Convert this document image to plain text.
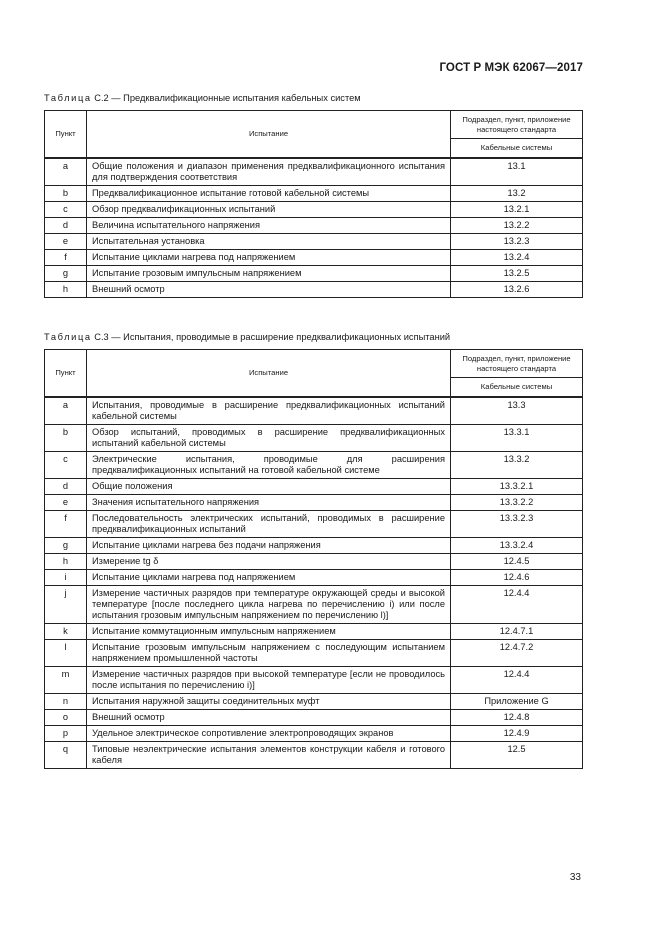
ГОСТ Р МЭК 62067—2017
Таблица С.2 — Предквалификационные испытания кабельных систем
Пункт	Испытание	Подраздел, пункт, приложение настоящего стандарта
		Кабельные системы
a	Общие положения и диапазон применения предквалификационного испытания для подтверждения соответствия	13.1
b	Предквалификационное испытание готовой кабельной системы	13.2
c	Обзор предквалификационных испытаний	13.2.1
d	Величина испытательного напряжения	13.2.2
e	Испытательная установка	13.2.3
f	Испытание циклами нагрева под напряжением	13.2.4
g	Испытание грозовым импульсным напряжением	13.2.5
h	Внешний осмотр	13.2.6
Таблица С.3 — Испытания, проводимые в расширение предквалификационных испытаний
Пункт	Испытание	Подраздел, пункт, приложение настоящего стандарта
		Кабельные системы
a	Испытания, проводимые в расширение предквалификационных испытаний кабельной системы	13.3
b	Обзор испытаний, проводимых в расширение предквалификационных испытаний кабельной системы	13.3.1
c	Электрические испытания, проводимые для расширения предквалификационных испытаний на готовой кабельной системе	13.3.2
d	Общие положения	13.3.2.1
e	Значения испытательного напряжения	13.3.2.2
f	Последовательность электрических испытаний, проводимых в расширение предквалификационных испытаний	13.3.2.3
g	Испытание циклами нагрева без подачи напряжения	13.3.2.4
h	Измерение tg δ	12.4.5
i	Испытание циклами нагрева под напряжением	12.4.6
j	Измерение частичных разрядов при температуре окружающей среды и высокой температуре [после последнего цикла нагрева по перечислению i) или после испытания грозовым импульсным напряжением по перечислению l)]	12.4.4
k	Испытание коммутационным импульсным напряжением	12.4.7.1
l	Испытание грозовым импульсным напряжением с последующим испытанием напряжением промышленной частоты	12.4.7.2
m	Измерение частичных разрядов при высокой температуре [если не проводилось после испытания по перечислению i)]	12.4.4
n	Испытания наружной защиты соединительных муфт	Приложение G
o	Внешний осмотр	12.4.8
p	Удельное электрическое сопротивление электропроводящих экранов	12.4.9
q	Типовые неэлектрические испытания элементов конструкции кабеля и готового кабеля	12.5
33
